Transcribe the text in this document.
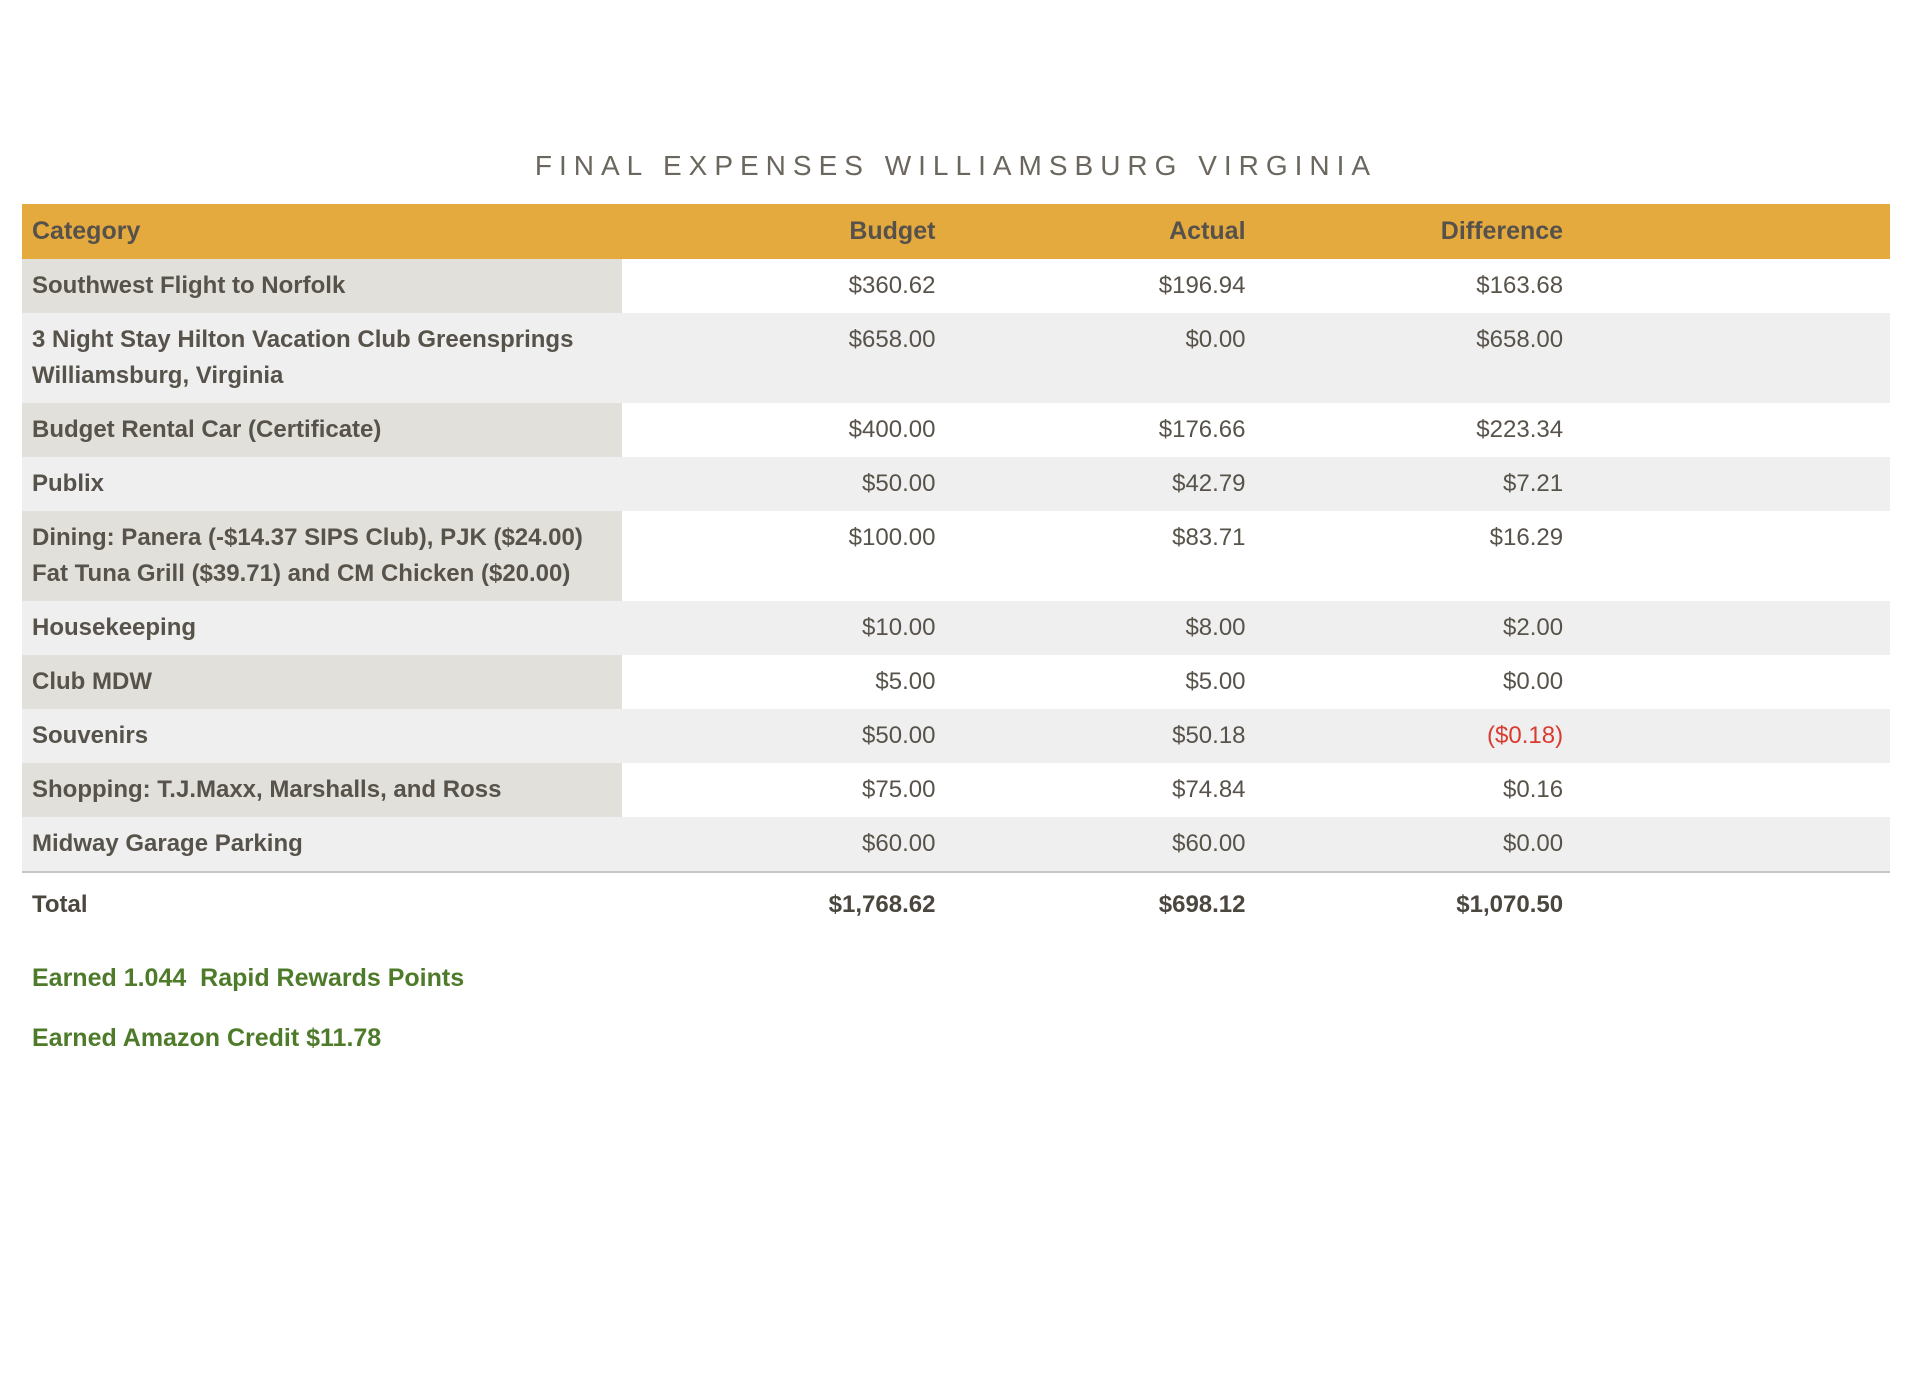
FINAL EXPENSES WILLIAMSBURG VIRGINIA
Category	Budget	Actual	Difference	
Southwest Flight to Norfolk	$360.62	$196.94	$163.68	
3 Night Stay Hilton Vacation Club Greensprings Williamsburg, Virginia	$658.00	$0.00	$658.00	
Budget Rental Car (Certificate)	$400.00	$176.66	$223.34	
Publix	$50.00	$42.79	$7.21	
Dining: Panera (-$14.37 SIPS Club), PJK ($24.00) Fat Tuna Grill ($39.71) and CM Chicken ($20.00)	$100.00	$83.71	$16.29	
Housekeeping	$10.00	$8.00	$2.00	
Club MDW	$5.00	$5.00	$0.00	
Souvenirs	$50.00	$50.18	($0.18)	
Shopping: T.J.Maxx, Marshalls, and Ross	$75.00	$74.84	$0.16	
Midway Garage Parking	$60.00	$60.00	$0.00	
Total	$1,768.62	$698.12	$1,070.50	

Earned 1.044  Rapid Rewards Points

Earned Amazon Credit $11.78
